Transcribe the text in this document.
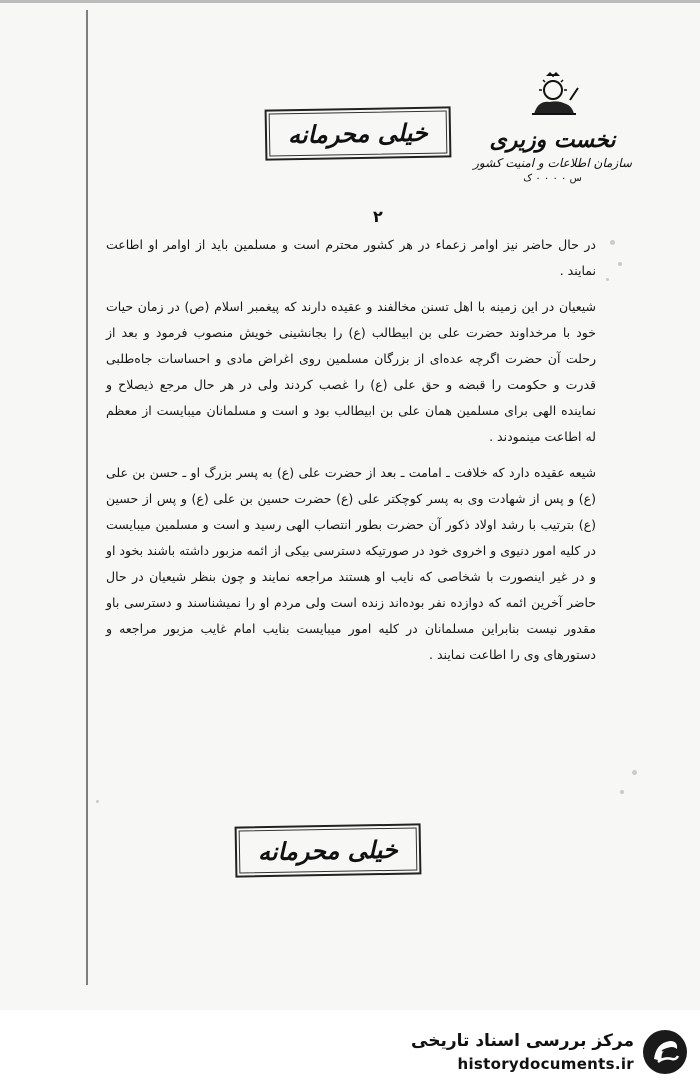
نخست وزیری
سازمان اطلاعات و امنیت کشور
س ۰ ۰ ۰ ۰ ک
خیلی محرمانه
۲

در حال حاضر نیز اوامر زعماء در هر کشور محترم است و مسلمین باید از اوامر او اطاعت نمایند .

شیعیان در این زمینه با اهل تسنن مخالفند و عقیده دارند که پیغمبر اسلام (ص) در زمان حیات خود با مرخداوند حضرت علی بن ابیطالب (ع) را بجانشینی خویش منصوب فرمود و بعد از رحلت آن حضرت اگرچه عده‌ای از بزرگان مسلمین روی اغراض مادی و احساسات جاه‌طلبی قدرت و حکومت را قبضه و حق علی (ع) را غصب کردند ولی در هر حال مرجع ذیصلاح و نماینده الهی برای مسلمین همان علی بن ابیطالب بود و است و مسلمانان میبایست از معظم له اطاعت مینمودند .

شیعه عقیده دارد که خلافت ـ امامت ـ بعد از حضرت علی (ع) به پسر بزرگ او ـ حسن بن علی (ع) و پس از شهادت وی به پسر کوچکتر علی (ع) حضرت حسین بن علی (ع) و پس از حسین (ع) بترتیب با رشد اولاد ذکور آن حضرت بطور انتصاب الهی رسید و است و مسلمین میبایست در کلیه امور دنیوی و اخروی خود در صورتیکه دسترسی بیکی از ائمه مزبور داشته باشند بخود او و در غیر اینصورت با شخاصی که نایب او هستند مراجعه نمایند و چون بنظر شیعیان در حال حاضر آخرین ائمه که دوازده نفر بوده‌اند زنده است ولی مردم او را نمیشناسند و دسترسی باو مقدور نیست بنابراین مسلمانان در کلیه امور میبایست بنایب امام غایب مزبور مراجعه و دستورهای وی را اطاعت نمایند .

خیلی محرمانه
مرکز بررسی اسناد تاریخی
historydocuments.ir
